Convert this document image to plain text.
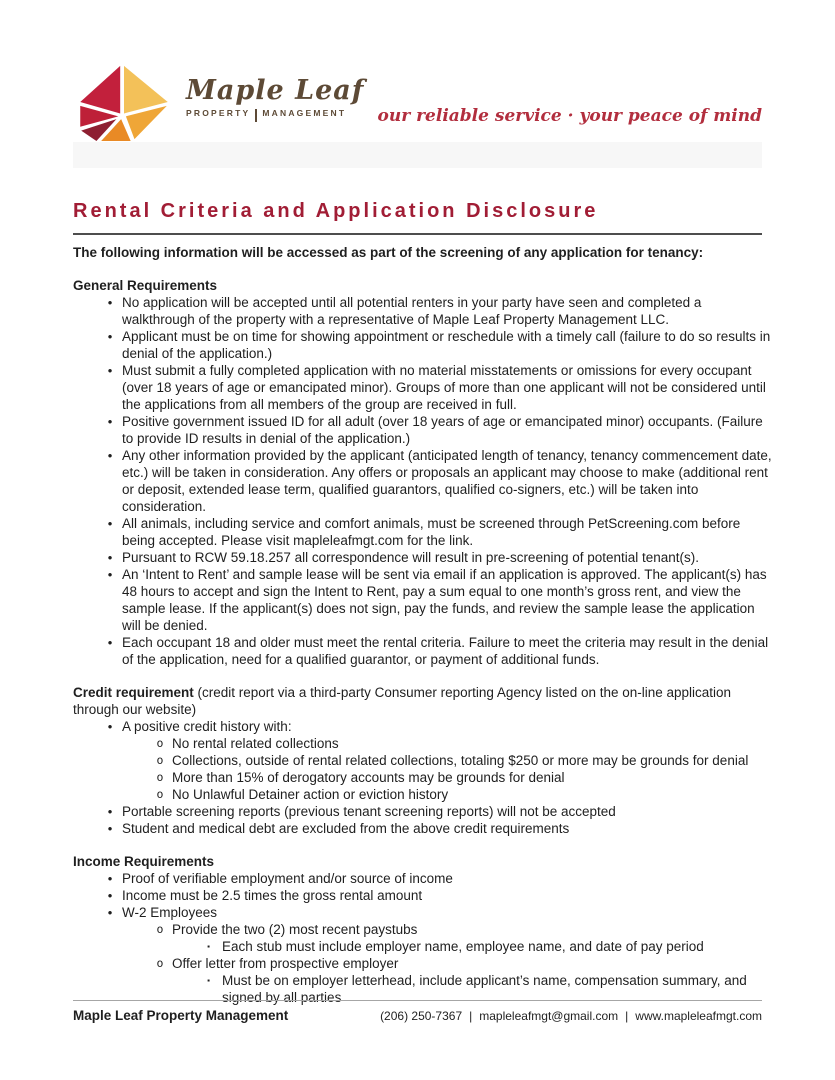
Maple Leaf
PROPERTY MANAGEMENT our reliable service · your peace of mind
Rental Criteria and Application Disclosure

The following information will be accessed as part of the screening of any application for tenancy:

General Requirements

• No application will be accepted until all potential renters in your party have seen and completed a walkthrough of the property with a representative of Maple Leaf Property Management LLC.
• Applicant must be on time for showing appointment or reschedule with a timely call (failure to do so results in denial of the application.)
• Must submit a fully completed application with no material misstatements or omissions for every occupant (over 18 years of age or emancipated minor). Groups of more than one applicant will not be considered until the applications from all members of the group are received in full.
• Positive government issued ID for all adult (over 18 years of age or emancipated minor) occupants. (Failure to provide ID results in denial of the application.)
• Any other information provided by the applicant (anticipated length of tenancy, tenancy commencement date, etc.) will be taken in consideration. Any offers or proposals an applicant may choose to make (additional rent or deposit, extended lease term, qualified guarantors, qualified co-signers, etc.) will be taken into consideration.
• All animals, including service and comfort animals, must be screened through PetScreening.com before being accepted. Please visit mapleleafmgt.com for the link.
• Pursuant to RCW 59.18.257 all correspondence will result in pre-screening of potential tenant(s).
• An ‘Intent to Rent’ and sample lease will be sent via email if an application is approved. The applicant(s) has 48 hours to accept and sign the Intent to Rent, pay a sum equal to one month’s gross rent, and view the sample lease. If the applicant(s) does not sign, pay the funds, and review the sample lease the application will be denied.
• Each occupant 18 and older must meet the rental criteria. Failure to meet the criteria may result in the denial of the application, need for a qualified guarantor, or payment of additional funds.

Credit requirement (credit report via a third-party Consumer reporting Agency listed on the on-line application through our website)

• A positive credit history with:
o No rental related collections
o Collections, outside of rental related collections, totaling $250 or more may be grounds for denial
o More than 15% of derogatory accounts may be grounds for denial
o No Unlawful Detainer action or eviction history
• Portable screening reports (previous tenant screening reports) will not be accepted
• Student and medical debt are excluded from the above credit requirements

Income Requirements

• Proof of verifiable employment and/or source of income
• Income must be 2.5 times the gross rental amount
• W-2 Employees
o Provide the two (2) most recent paystubs
▪ Each stub must include employer name, employee name, and date of pay period
o Offer letter from prospective employer
▪ Must be on employer letterhead, include applicant’s name, compensation summary, and signed by all parties
Maple Leaf Property Management	(206) 250-7367 | mapleleafmgt@gmail.com | www.mapleleafmgt.com
